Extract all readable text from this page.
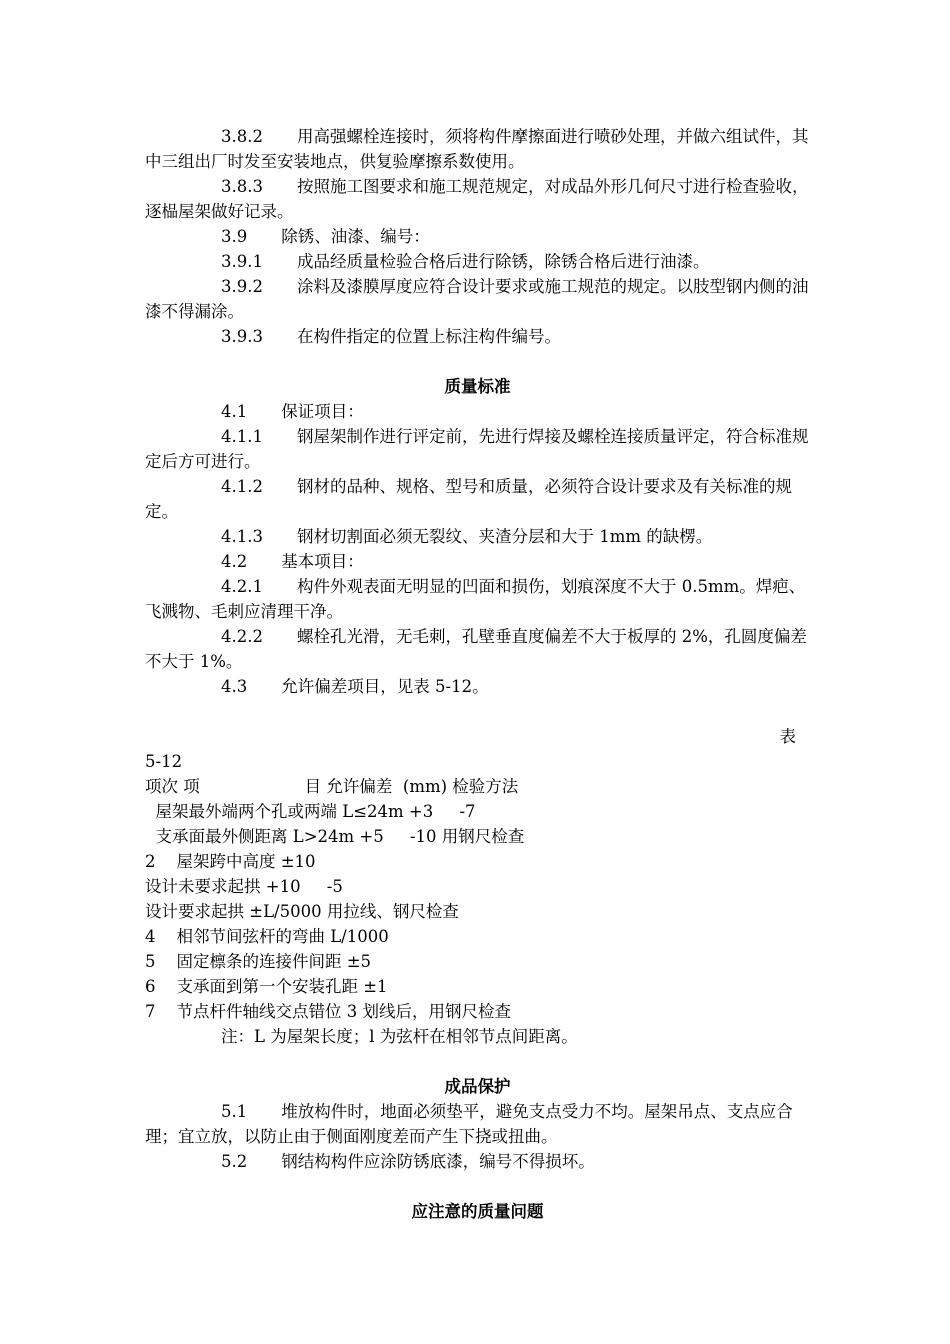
3.8.2 用高强螺栓连接时，须将构件摩擦面进行喷砂处理，并做六组试件，其中三组出厂时发至安装地点，供复验摩擦系数使用。

3.8.3 按照施工图要求和施工规范规定，对成品外形几何尺寸进行检查验收，逐榀屋架做好记录。

3.9 除锈、油漆、编号：

3.9.1 成品经质量检验合格后进行除锈，除锈合格后进行油漆。

3.9.2 涂料及漆膜厚度应符合设计要求或施工规范的规定。以肢型钢内侧的油漆不得漏涂。

3.9.3 在构件指定的位置上标注构件编号。

质量标准

4.1 保证项目：

4.1.1 钢屋架制作进行评定前，先进行焊接及螺栓连接质量评定，符合标准规定后方可进行。

4.1.2 钢材的品种、规格、型号和质量，必须符合设计要求及有关标准的规定。

4.1.3 钢材切割面必须无裂纹、夹渣分层和大于 1mm 的缺楞。

4.2 基本项目：

4.2.1 构件外观表面无明显的凹面和损伤，划痕深度不大于 0.5mm。焊疤、飞溅物、毛刺应清理干净。

4.2.2 螺栓孔光滑，无毛刺，孔壁垂直度偏差不大于板厚的 2%，孔圆度偏差不大于 1%。

4.3 允许偏差项目，见表 5-12。

表

5-12

项次 项                    目 允许偏差  (mm) 检验方法

屋架最外端两个孔或两端 L≤24m +3     -7

支承面最外侧距离 L>24m +5     -10 用钢尺检查

2    屋架跨中高度 ±10

设计未要求起拱 +10     -5

设计要求起拱 ±L/5000 用拉线、钢尺检查

4    相邻节间弦杆的弯曲 L/1000

5    固定檩条的连接件间距 ±5

6    支承面到第一个安装孔距 ±1

7    节点杆件轴线交点错位 3 划线后，用钢尺检查

注：L 为屋架长度；l 为弦杆在相邻节点间距离。

成品保护

5.1 堆放构件时，地面必须垫平，避免支点受力不均。屋架吊点、支点应合理；宜立放，以防止由于侧面刚度差而产生下挠或扭曲。

5.2 钢结构构件应涂防锈底漆，编号不得损坏。

应注意的质量问题
